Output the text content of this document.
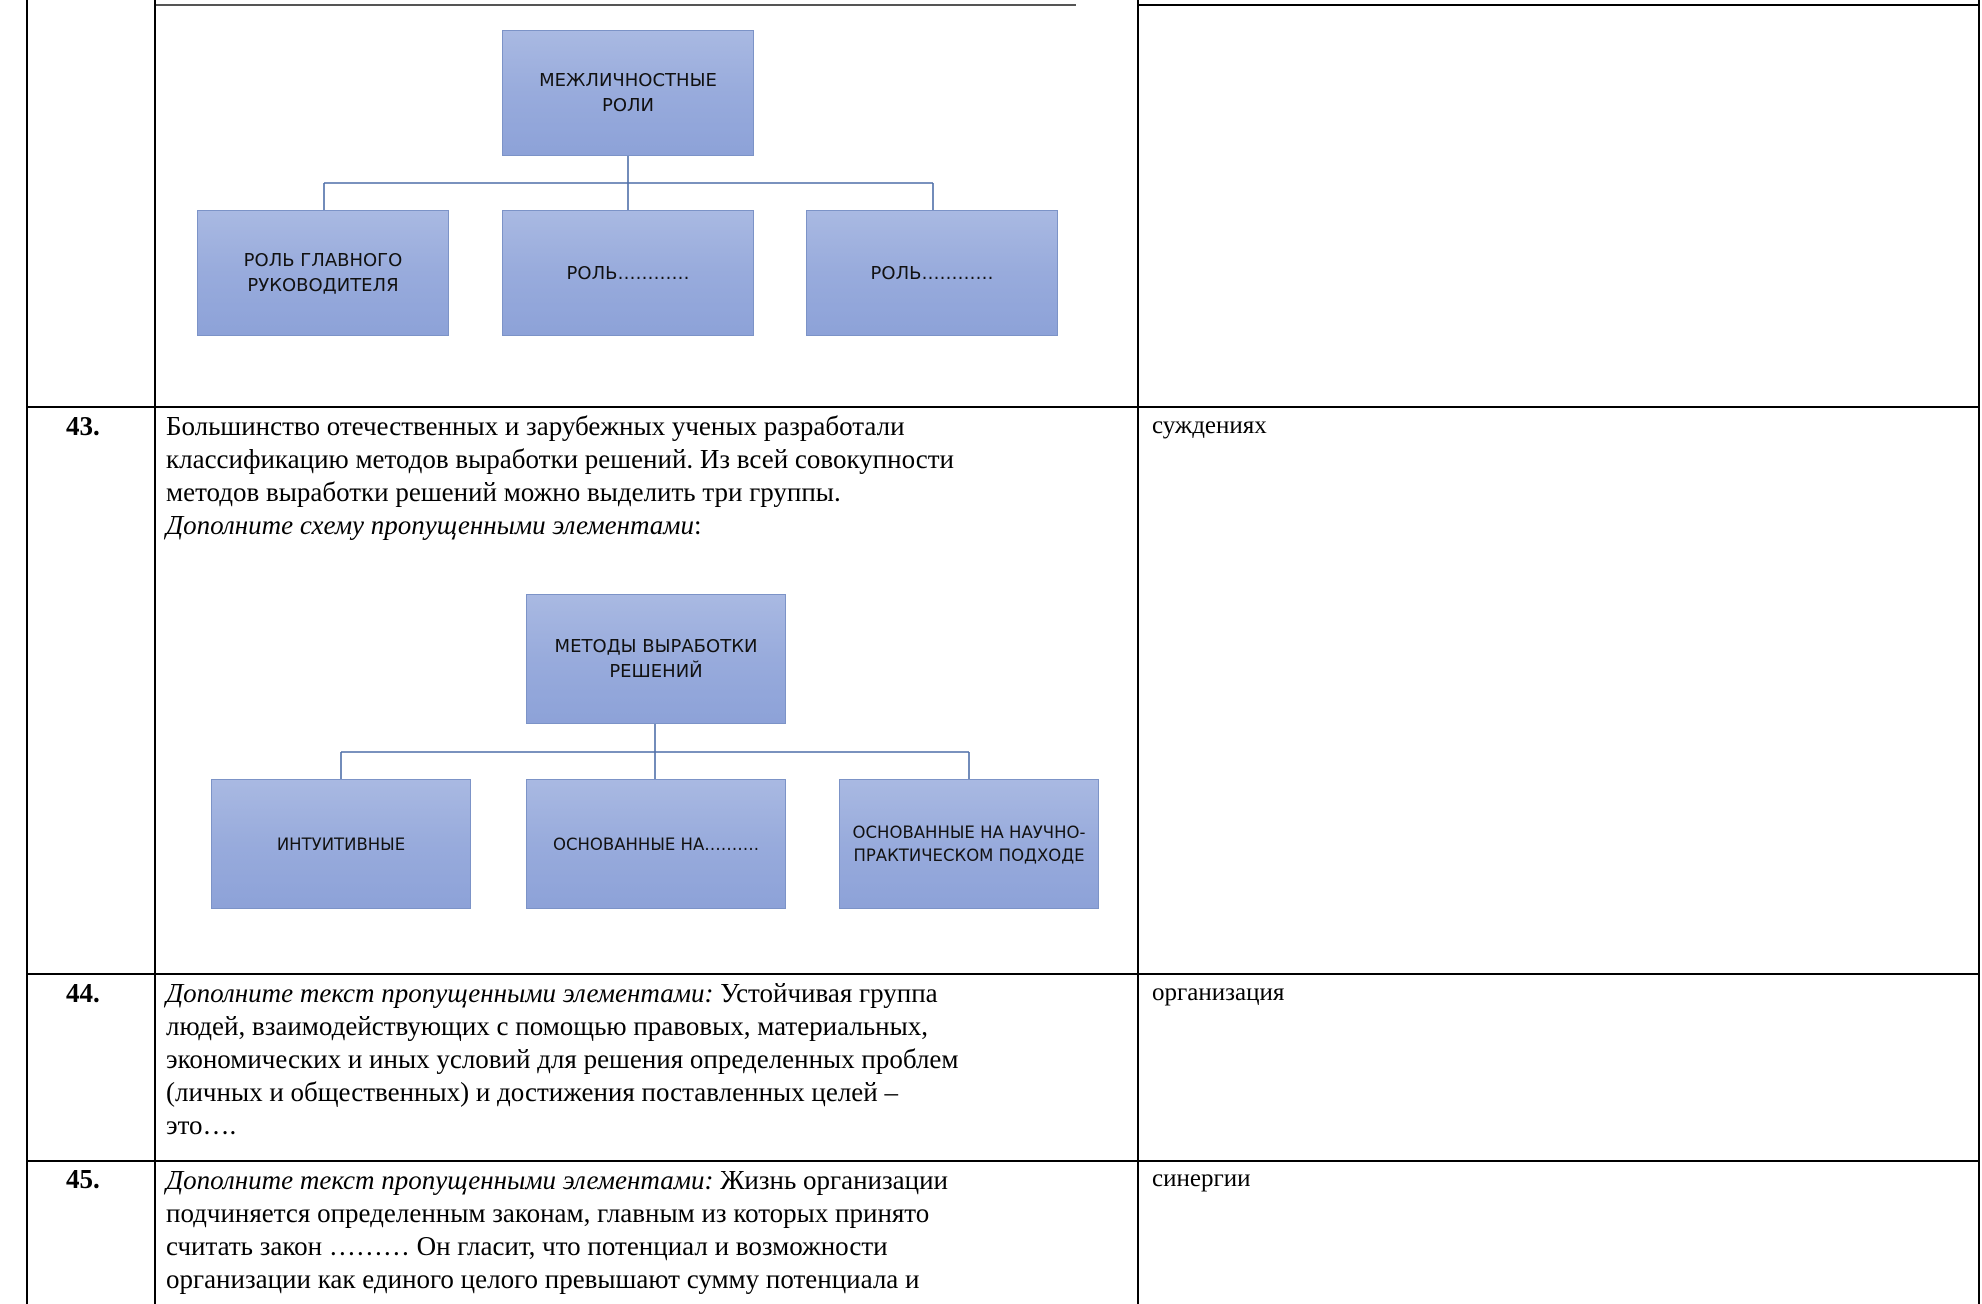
МЕЖЛИЧНОСТНЫЕ
РОЛИ
РОЛЬ ГЛАВНОГО
РУКОВОДИТЕЛЯ
РОЛЬ…………	РОЛЬ…………
43. Большинство отечественных и зарубежных ученых разработали
классификацию методов выработки решений. Из всей совокупности
методов выработки решений можно выделить три группы.
Дополните схему пропущенными элементами:
суждениях
МЕТОДЫ ВЫРАБОТКИ
РЕШЕНИЙ
ИНТУИТИВНЫЕ	ОСНОВАННЫЕ НА……….
ОСНОВАННЫЕ НА НАУЧНО-
ПРАКТИЧЕСКОМ ПОДХОДЕ
44. Дополните текст пропущенными элементами: Устойчивая группа
людей, взаимодействующих с помощью правовых, материальных,
экономических и иных условий для решения определенных проблем
(личных и общественных) и достижения поставленных целей –
это….
организация
45. Дополните текст пропущенными элементами: Жизнь организации
подчиняется определенным законам, главным из которых принято
считать закон ……… Он гласит, что потенциал и возможности
организации как единого целого превышают сумму потенциала и
синергии
